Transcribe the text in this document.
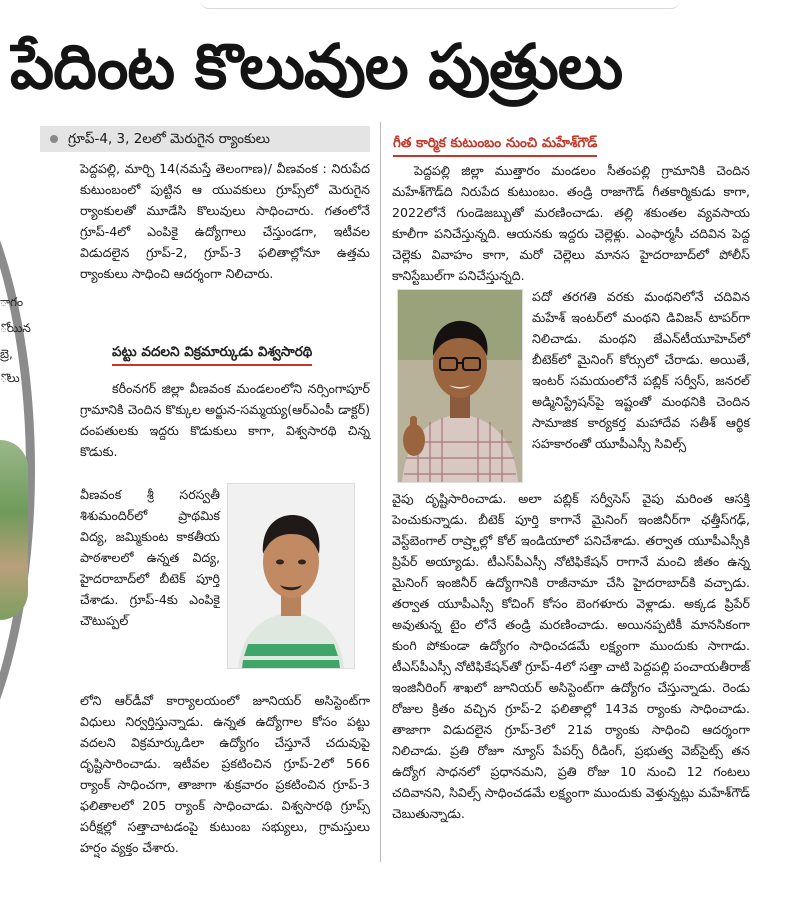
పేదింట కొలువుల పుత్రులు
ాగం
ోయిన
బ్రె,
ొలు
గ్రూప్‌-4, 3, 2లలో మెరుగైన ర్యాంకులు

పెద్దపల్లి, మార్చి 14(నమస్తే తెలంగాణ)/ వీణవంక : నిరుపేద కుటుంబంలో పుట్టిన ఆ యువకులు గ్రూప్స్‌లో మెరుగైన ర్యాంకులతో మూడేసి కొలువులు సాధించారు. గతంలోనే గ్రూప్‌-4లో ఎంపికై ఉద్యోగాలు చేస్తుండగా, ఇటీవల విడుదలైన గ్రూప్‌-2, గ్రూప్‌-3 ఫలితాల్లోనూ ఉత్తమ ర్యాంకులు సాధించి ఆదర్శంగా నిలిచారు.

పట్టు వదలని విక్రమార్కుడు విశ్వసారథి
కరీంనగర్‌ జిల్లా వీణవంక మండలంలోని నర్సింగాపూర్‌ గ్రామానికి చెందిన కొక్కుల అర్జున-సమ్మయ్య(ఆర్‌ఎంపీ డాక్టర్‌) దంపతులకు ఇద్దరు కొడుకులు కాగా, విశ్వసారథి చిన్న కొడుకు.
వీణవంక శ్రీ సరస్వతీ శిశుమందిర్‌లో ప్రాథమిక విద్య, జమ్మికుంట కాకతీయ పాఠశాలలో ఉన్నత విద్య, హైదరాబాద్‌లో బీటెక్‌ పూర్తి చేశాడు. గ్రూప్‌-4కు ఎంపికై చౌటుప్పల్‌
లోని ఆర్‌డీవో కార్యాలయంలో జూనియర్‌ అసిస్టెంట్‌గా విధులు నిర్వర్తిస్తున్నాడు. ఉన్నత ఉద్యోగాల కోసం పట్టు వదలని విక్రమార్కుడిలా ఉద్యోగం చేస్తూనే చదువుపై దృష్టిసారించాడు. ఇటీవల ప్రకటించిన గ్రూప్‌-2లో 566 ర్యాంక్‌ సాధించగా, తాజాగా శుక్రవారం ప్రకటించిన గ్రూప్‌-3 ఫలితాలలో 205 ర్యాంక్‌ సాధించాడు. విశ్వసారథి గ్రూప్స్‌ పరీక్షల్లో సత్తాచాటడంపై కుటుంబ సభ్యులు, గ్రామస్తులు హర్షం వ్యక్తం చేశారు.
గీత కార్మిక కుటుంబం నుంచి మహేశ్‌గౌడ్‌
పెద్దపల్లి జిల్లా ముత్తారం మండలం సీతంపల్లి గ్రామానికి చెందిన మహేశ్‌గౌడ్‌ది నిరుపేద కుటుంబం. తండ్రి రాజాగౌడ్‌ గీతకార్మికుడు కాగా, 2022లోనే గుండెజబ్బుతో మరణించాడు. తల్లి శకుంతల వ్యవసాయ కూలీగా పనిచేస్తున్నది. ఆయనకు ఇద్దరు చెల్లెళ్లు. ఎంఫార్మసీ చదివిన పెద్ద చెల్లెకు వివాహం కాగా, మరో చెల్లెలు మానస హైదరాబాద్‌లో పోలీస్‌ కానిస్టేబుల్‌గా పనిచేస్తున్నది.
పదో తరగతి వరకు మంథనిలోనే చదివిన మహేశ్‌ ఇంటర్‌లో మంథని డివిజన్‌ టాపర్‌గా నిలిచాడు. మంథని జేఎన్‌టీయూహెచ్‌లో బీటెక్‌లో మైనింగ్‌ కోర్సులో చేరాడు. అయితే, ఇంటర్‌ సమయంలోనే పబ్లిక్‌ సర్వీస్‌, జనరల్‌ అడ్మినిస్ట్రేషన్‌పై ఇష్టంతో మంథనికి చెందిన సామాజిక కార్యకర్త మహాదేవ సతీశ్‌ ఆర్థిక సహకారంతో యూపీఎస్సీ సివిల్స్‌
వైపు దృష్టిసారించాడు. అలా పబ్లిక్‌ సర్వీసెస్‌ వైపు మరింత ఆసక్తి పెంచుకున్నాడు. బీటెక్‌ పూర్తి కాగానే మైనింగ్‌ ఇంజినీర్‌గా ఛత్తీస్‌గఢ్‌, వెస్ట్‌బెంగాల్‌ రాష్ర్టాల్లో కోల్‌ ఇండియాలో పనిచేశాడు. తర్వాత యూపీఎస్సీకి ప్రిపేర్‌ అయ్యాడు. టీఎస్‌పీఎస్సీ నోటిఫికేషన్‌ రాగానే మంచి జీతం ఉన్న మైనింగ్‌ ఇంజినీర్‌ ఉద్యోగానికి రాజీనామా చేసి హైదరాబాద్‌కి వచ్చాడు. తర్వాత యూపీఎస్సీ కోచింగ్‌ కోసం బెంగళూరు వెళ్లాడు. అక్కడ ప్రిపేర్‌ అవుతున్న టైం లోనే తండ్రి మరణించాడు. అయినప్పటికీ మానసికంగా కుంగి పోకుండా ఉద్యోగం సాధించడమే లక్ష్యంగా ముందుకు సాగాడు. టీఎస్‌పీఎస్సీ నోటిఫికేషన్‌తో గ్రూప్‌-4లో సత్తా చాటి పెద్దపల్లి పంచాయతీరాజ్‌ ఇంజినీరింగ్‌ శాఖలో జూనియర్‌ అసిస్టెంట్‌గా ఉద్యోగం చేస్తున్నాడు. రెండు రోజుల క్రితం వచ్చిన గ్రూప్‌-2 ఫలితాల్లో 143వ ర్యాంకు సాధించాడు. తాజాగా విడుదలైన గ్రూప్‌-3లో 21వ ర్యాంకు సాధించి ఆదర్శంగా నిలిచాడు. ప్రతి రోజూ న్యూస్‌ పేపర్స్‌ రీడింగ్‌, ప్రభుత్వ వెబ్‌సైట్స్‌ తన ఉద్యోగ సాధనలో ప్రధానమని, ప్రతి రోజు 10 నుంచి 12 గంటలు చదివానని, సివిల్స్‌ సాధించడమే లక్ష్యంగా ముందుకు వెళ్తున్నట్లు మహేశ్‌గౌడ్‌ చెబుతున్నాడు.
